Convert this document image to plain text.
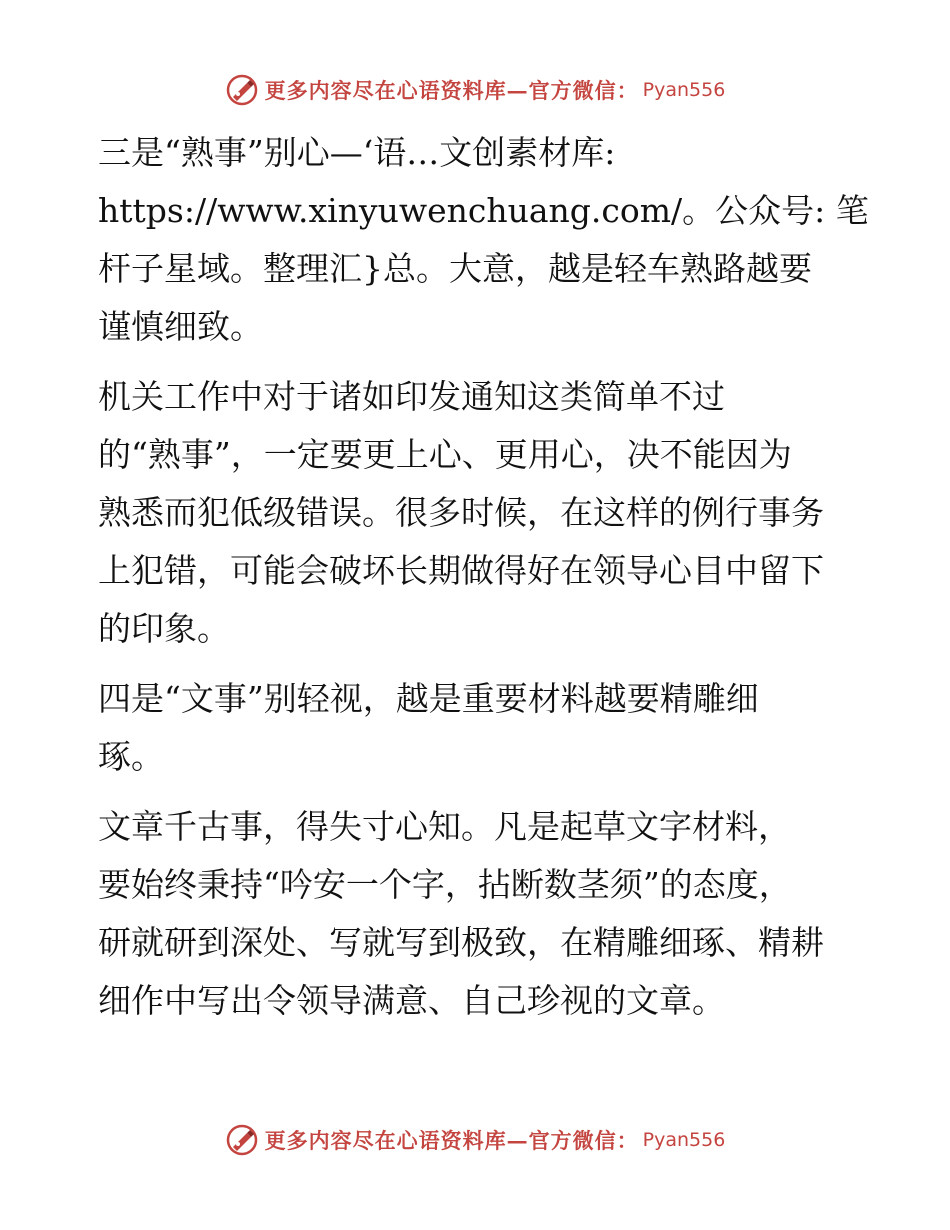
更多内容尽在心语资料库 — 官方微信： Pyan556

三是“熟事”别心—‘语…文创素材库:
https://www.xinyuwenchuang.com/。公众号: 笔
杆子星域。整理汇}总。大意，越是轻车熟路越要
谨慎细致。

机关工作中对于诸如印发通知这类简单不过
的“熟事”，一定要更上心、更用心，决不能因为
熟悉而犯低级错误。很多时候，在这样的例行事务
上犯错，可能会破坏长期做得好在领导心目中留下
的印象。

四是“文事”别轻视，越是重要材料越要精雕细
琢。

文章千古事，得失寸心知。凡是起草文字材料，
要始终秉持“吟安一个字，拈断数茎须”的态度，
研就研到深处、写就写到极致，在精雕细琢、精耕
细作中写出令领导满意、自己珍视的文章。

更多内容尽在心语资料库 — 官方微信： Pyan556
